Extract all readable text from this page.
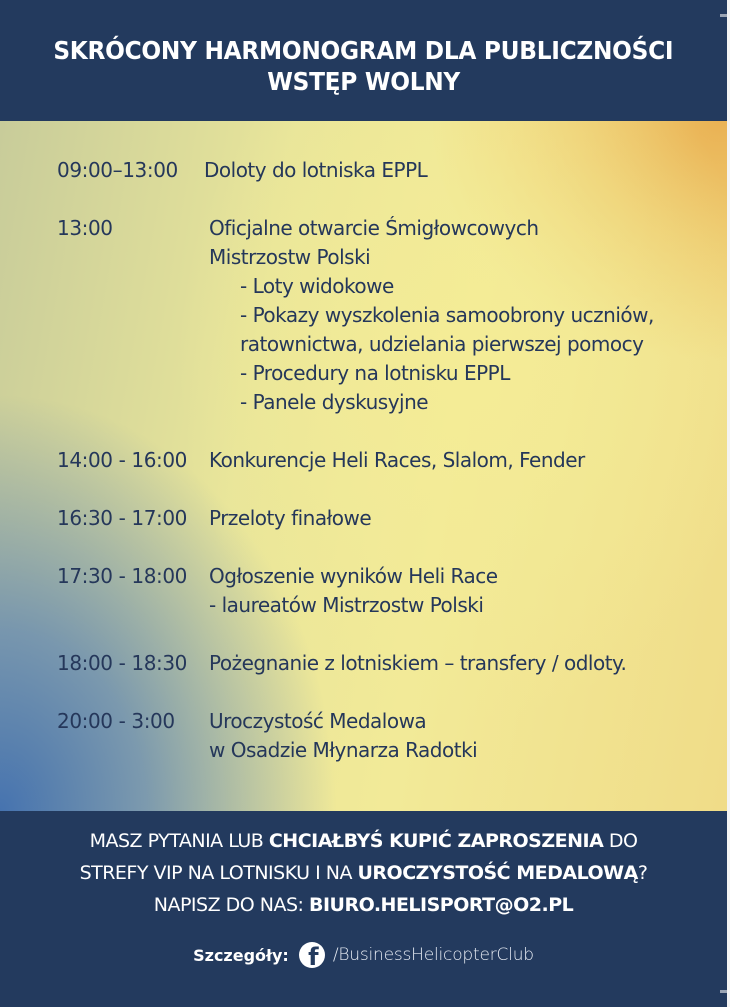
SKRÓCONY HARMONOGRAM DLA PUBLICZNOŚCI
WSTĘP WOLNY
09:00–13:00	Doloty do lotniska EPPL
13:00	Oficjalne otwarcie Śmigłowcowych
Mistrzostw Polski
- Loty widokowe
- Pokazy wyszkolenia samoobrony uczniów,
ratownictwa, udzielania pierwszej pomocy
- Procedury na lotnisku EPPL
- Panele dyskusyjne
14:00 - 16:00	Konkurencje Heli Races, Slalom, Fender
16:30 - 17:00	Przeloty finałowe
17:30 - 18:00	Ogłoszenie wyników Heli Race
- laureatów Mistrzostw Polski
18:00 - 18:30	Pożegnanie z lotniskiem – transfery / odloty.
20:00 - 3:00	Uroczystość Medalowa
w Osadzie Młynarza Radotki
MASZ PYTANIA LUB CHCIAŁBYŚ KUPIĆ ZAPROSZENIA DO
STREFY VIP NA LOTNISKU I NA UROCZYSTOŚĆ MEDALOWĄ?
NAPISZ DO NAS: BIURO.HELISPORT@O2.PL
Szczegóły: f /BusinessHelicopterClub
